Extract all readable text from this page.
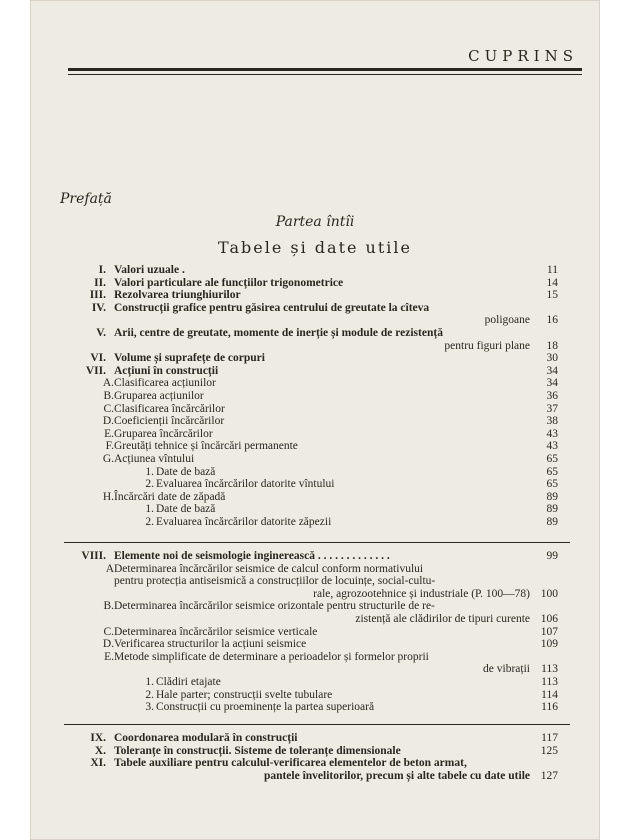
CUPRINS
Prefață
Partea întîi
Tabele și date utile
I. Valori uzuale .	11
II. Valori particulare ale funcțiilor trigonometrice	14
III. Rezolvarea triunghiurilor	15
IV. Construcții grafice pentru găsirea centrului de greutate la cîteva
poligoane 16
V. Arii, centre de greutate, momente de inerție și module de rezistență
pentru figuri plane 18
VI. Volume și suprafețe de corpuri	30
VII. Acțiuni în construcții	34
A. Clasificarea acțiunilor	34
B. Gruparea acțiunilor	36
C. Clasificarea încărcărilor	37
D. Coeficienții încărcărilor	38
E. Gruparea încărcărilor	43
F. Greutăți tehnice și încărcări permanente	43
G. Acțiunea vîntului	65
1. Date de bază	65
2. Evaluarea încărcărilor datorite vîntului	65
H. Încărcări date de zăpadă	89
1. Date de bază	89
2. Evaluarea încărcărilor datorite zăpezii	89
VIII. Elemente noi de seismologie inginerească . . . . . . . . . . . . .	99
A Determinarea încărcărilor seismice de calcul conform normativului
pentru protecția antiseismică a construcțiilor de locuințe, social-cultu-
rale, agrozootehnice și industriale (P. 100—78) 100
B. Determinarea încărcărilor seismice orizontale pentru structurile de re-
zistență ale clădirilor de tipuri curente 106
C. Determinarea încărcărilor seismice verticale	107
D. Verificarea structurilor la acțiuni seismice	109
E. Metode simplificate de determinare a perioadelor și formelor proprii
de vibrații 113
1. Clădiri etajate	113
2. Hale parter; construcții svelte tubulare	114
3. Construcții cu proeminențe la partea superioară	116
IX. Coordonarea modulară în construcții	117
X. Toleranțe în construcții. Sisteme de toleranțe dimensionale	125
XI. Tabele auxiliare pentru calculul-verificarea elementelor de beton armat,
pantele învelitorilor, precum și alte tabele cu date utile 127
